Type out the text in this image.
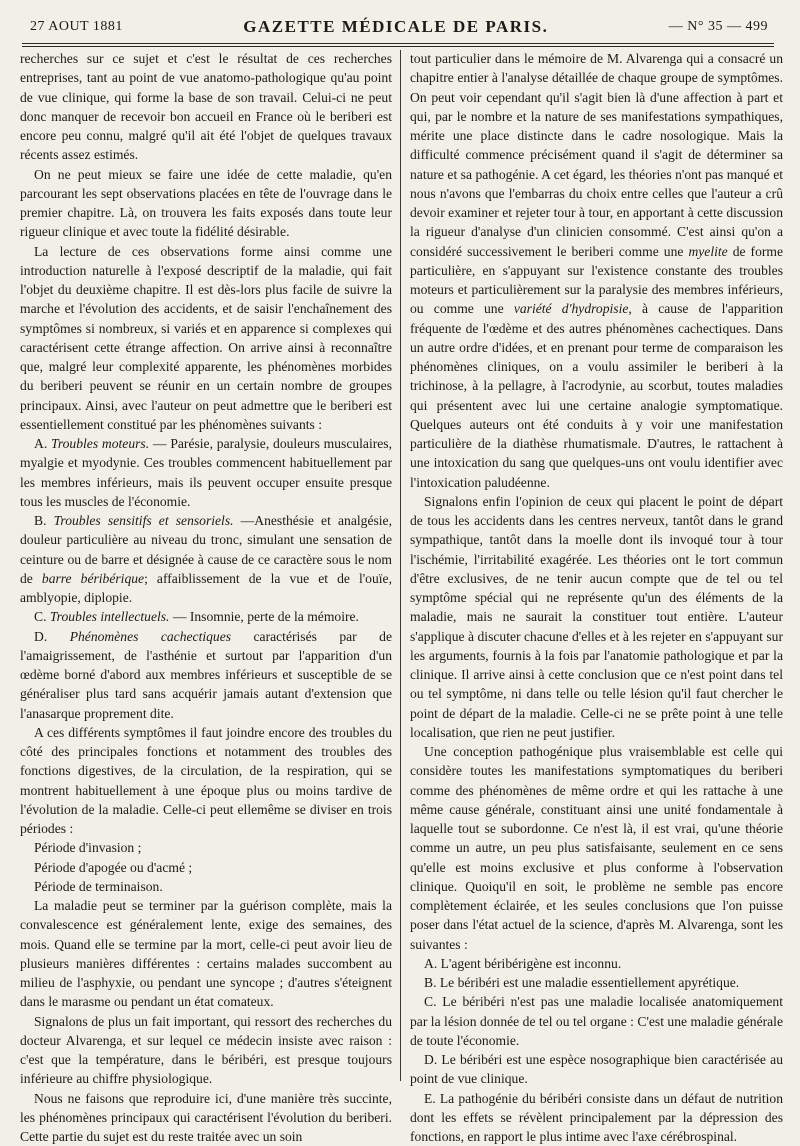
27 AOUT 1881	GAZETTE MÉDICALE DE PARIS.	— N° 35 — 499

recherches sur ce sujet et c'est le résultat de ces recherches entreprises, tant au point de vue anatomo-pathologique qu'au point de vue clinique, qui forme la base de son travail. Celui-ci ne peut donc manquer de recevoir bon accueil en France où le beriberi est encore peu connu, malgré qu'il ait été l'objet de quelques travaux récents assez estimés.

On ne peut mieux se faire une idée de cette maladie, qu'en parcourant les sept observations placées en tête de l'ouvrage dans le premier chapitre. Là, on trouvera les faits exposés dans toute leur rigueur clinique et avec toute la fidélité désirable.

La lecture de ces observations forme ainsi comme une introduction naturelle à l'exposé descriptif de la maladie, qui fait l'objet du deuxième chapitre. Il est dès-lors plus facile de suivre la marche et l'évolution des accidents, et de saisir l'enchaînement des symptômes si nombreux, si variés et en apparence si complexes qui caractérisent cette étrange affection. On arrive ainsi à reconnaître que, malgré leur complexité apparente, les phénomènes morbides du beriberi peuvent se réunir en un certain nombre de groupes principaux. Ainsi, avec l'auteur on peut admettre que le beriberi est essentiellement constitué par les phénomènes suivants :

A. Troubles moteurs. — Parésie, paralysie, douleurs musculaires, myalgie et myodynie. Ces troubles commencent habituellement par les membres inférieurs, mais ils peuvent occuper ensuite presque tous les muscles de l'économie.

B. Troubles sensitifs et sensoriels. —Anesthésie et analgésie, douleur particulière au niveau du tronc, simulant une sensation de ceinture ou de barre et désignée à cause de ce caractère sous le nom de barre béribérique; affaiblissement de la vue et de l'ouïe, amblyopie, diplopie.

C. Troubles intellectuels. — Insomnie, perte de la mémoire.

D. Phénomènes cachectiques caractérisés par de l'amaigrissement, de l'asthénie et surtout par l'apparition d'un œdème borné d'abord aux membres inférieurs et susceptible de se généraliser plus tard sans acquérir jamais autant d'extension que l'anasarque proprement dite.

A ces différents symptômes il faut joindre encore des troubles du côté des principales fonctions et notamment des troubles des fonctions digestives, de la circulation, de la respiration, qui se montrent habituellement à une époque plus ou moins tardive de l'évolution de la maladie. Celle-ci peut ellemême se diviser en trois périodes :

Période d'invasion ;

Période d'apogée ou d'acmé ;

Période de terminaison.

La maladie peut se terminer par la guérison complète, mais la convalescence est généralement lente, exige des semaines, des mois. Quand elle se termine par la mort, celle-ci peut avoir lieu de plusieurs manières différentes : certains malades succombent au milieu de l'asphyxie, ou pendant une syncope ; d'autres s'éteignent dans le marasme ou pendant un état comateux.

Signalons de plus un fait important, qui ressort des recherches du docteur Alvarenga, et sur lequel ce médecin insiste avec raison : c'est que la température, dans le béribéri, est presque toujours inférieure au chiffre physiologique.

Nous ne faisons que reproduire ici, d'une manière très succinte, les phénomènes principaux qui caractérisent l'évolution du beriberi. Cette partie du sujet est du reste traitée avec un soin

tout particulier dans le mémoire de M. Alvarenga qui a consacré un chapitre entier à l'analyse détaillée de chaque groupe de symptômes. On peut voir cependant qu'il s'agit bien là d'une affection à part et qui, par le nombre et la nature de ses manifestations sympathiques, mérite une place distincte dans le cadre nosologique. Mais la difficulté commence précisément quand il s'agit de déterminer sa nature et sa pathogénie. A cet égard, les théories n'ont pas manqué et nous n'avons que l'embarras du choix entre celles que l'auteur a crû devoir examiner et rejeter tour à tour, en apportant à cette discussion la rigueur d'analyse d'un clinicien consommé. C'est ainsi qu'on a considéré successivement le beriberi comme une myelite de forme particulière, en s'appuyant sur l'existence constante des troubles moteurs et particulièrement sur la paralysie des membres inférieurs, ou comme une variété d'hydropisie, à cause de l'apparition fréquente de l'œdème et des autres phénomènes cachectiques. Dans un autre ordre d'idées, et en prenant pour terme de comparaison les phénomènes cliniques, on a voulu assimiler le beriberi à la trichinose, à la pellagre, à l'acrodynie, au scorbut, toutes maladies qui présentent avec lui une certaine analogie symptomatique. Quelques auteurs ont été conduits à y voir une manifestation particulière de la diathèse rhumatismale. D'autres, le rattachent à une intoxication du sang que quelques-uns ont voulu identifier avec l'intoxication paludéenne.

Signalons enfin l'opinion de ceux qui placent le point de départ de tous les accidents dans les centres nerveux, tantôt dans le grand sympathique, tantôt dans la moelle dont ils invoqué tour à tour l'ischémie, l'irritabilité exagérée. Les théories ont le tort commun d'être exclusives, de ne tenir aucun compte que de tel ou tel symptôme spécial qui ne représente qu'un des éléments de la maladie, mais ne saurait la constituer tout entière. L'auteur s'applique à discuter chacune d'elles et à les rejeter en s'appuyant sur les arguments, fournis à la fois par l'anatomie pathologique et par la clinique. Il arrive ainsi à cette conclusion que ce n'est point dans tel ou tel symptôme, ni dans telle ou telle lésion qu'il faut chercher le point de départ de la maladie. Celle-ci ne se prête point à une telle localisation, que rien ne peut justifier.

Une conception pathogénique plus vraisemblable est celle qui considère toutes les manifestations symptomatiques du beriberi comme des phénomènes de même ordre et qui les rattache à une même cause générale, constituant ainsi une unité fondamentale à laquelle tout se subordonne. Ce n'est là, il est vrai, qu'une théorie comme un autre, un peu plus satisfaisante, seulement en ce sens qu'elle est moins exclusive et plus conforme à l'observation clinique. Quoiqu'il en soit, le problème ne semble pas encore complètement éclairée, et les seules conclusions que l'on puisse poser dans l'état actuel de la science, d'après M. Alvarenga, sont les suivantes :

A. L'agent béribérigène est inconnu.

B. Le béribéri est une maladie essentiellement apyrétique.

C. Le béribéri n'est pas une maladie localisée anatomiquement par la lésion donnée de tel ou tel organe : C'est une maladie générale de toute l'économie.

D. Le béribéri est une espèce nosographique bien caractérisée au point de vue clinique.

E. La pathogénie du béribéri consiste dans un défaut de nutrition dont les effets se révèlent principalement par la dépression des fonctions, en rapport le plus intime avec l'axe cérébrospinal.
